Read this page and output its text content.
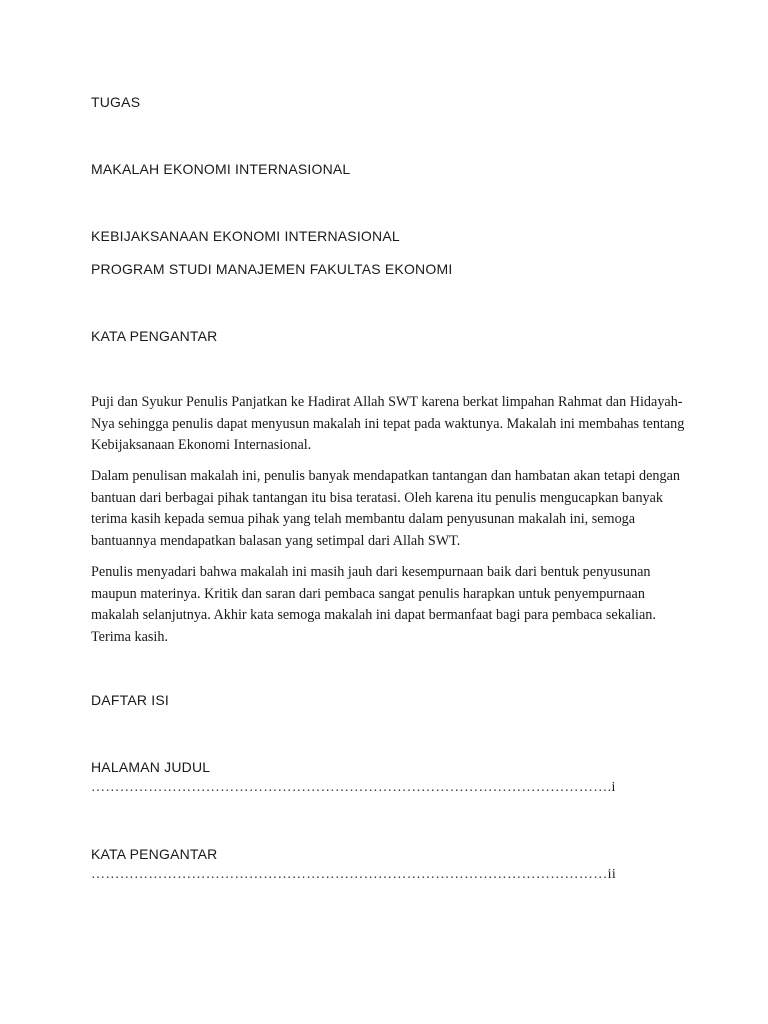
TUGAS
MAKALAH EKONOMI INTERNASIONAL
KEBIJAKSANAAN EKONOMI INTERNASIONAL
PROGRAM STUDI MANAJEMEN FAKULTAS EKONOMI
KATA PENGANTAR

Puji dan Syukur Penulis Panjatkan ke Hadirat Allah SWT karena berkat limpahan Rahmat dan Hidayah-Nya sehingga penulis dapat menyusun makalah ini tepat pada waktunya. Makalah ini membahas tentang Kebijaksanaan Ekonomi Internasional.

Dalam penulisan makalah ini, penulis banyak mendapatkan tantangan dan hambatan akan tetapi dengan bantuan dari berbagai pihak tantangan itu bisa teratasi. Oleh karena itu penulis mengucapkan banyak terima kasih kepada semua pihak yang telah membantu dalam penyusunan makalah ini, semoga bantuannya mendapatkan balasan yang setimpal dari Allah SWT.

Penulis menyadari bahwa makalah ini masih jauh dari kesempurnaan baik dari bentuk penyusunan maupun materinya. Kritik dan saran dari pembaca sangat penulis harapkan untuk penyempurnaan makalah selanjutnya. Akhir kata semoga makalah ini dapat bermanfaat bagi para pembaca sekalian. Terima kasih.

DAFTAR ISI
HALAMAN JUDUL
……………………………………………………………………………………………….i
KATA PENGANTAR
………………………………………………………………………………………………ii
